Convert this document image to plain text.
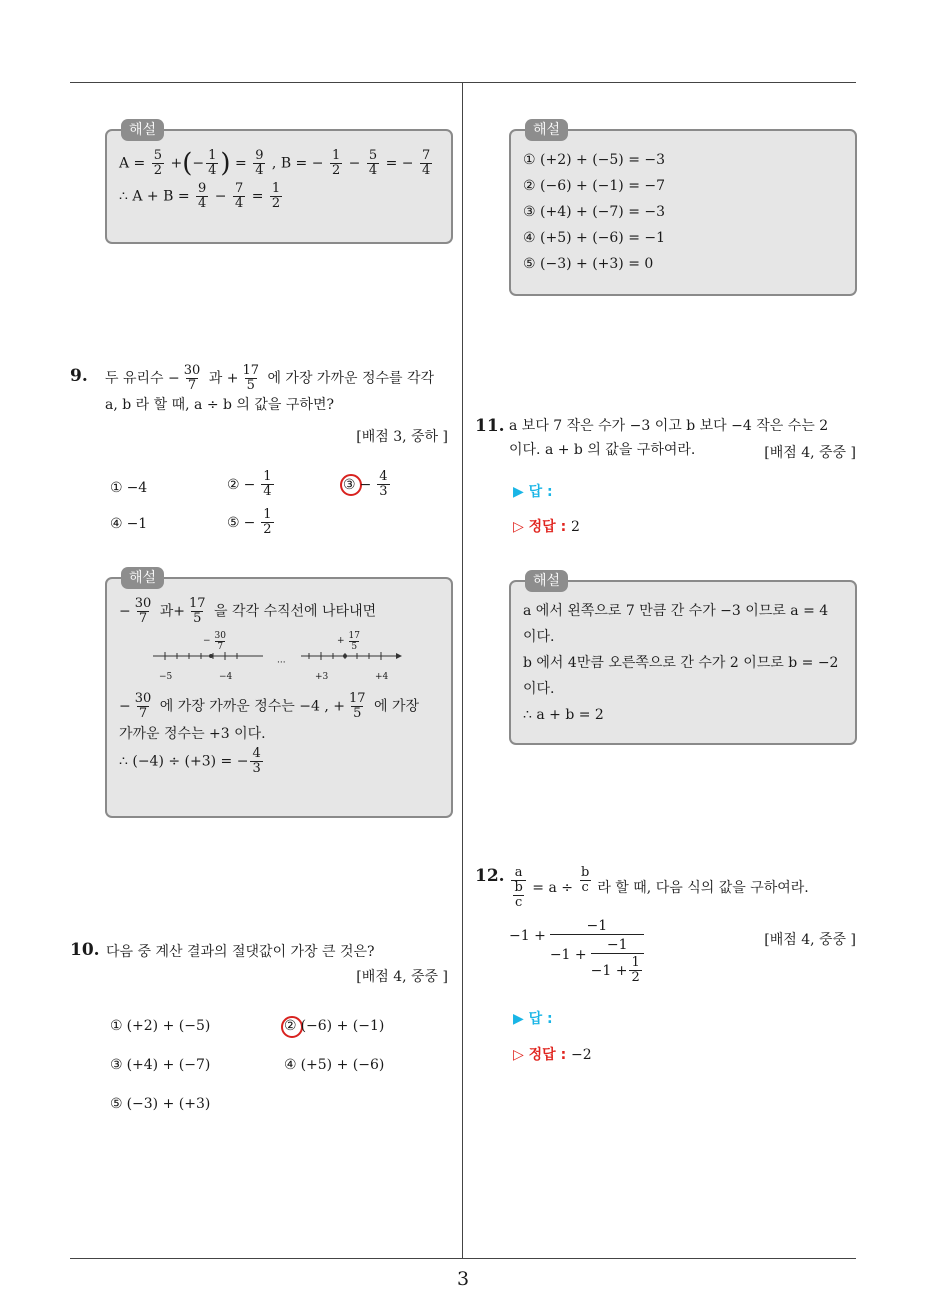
해설
$A = \frac{5}{2}$ +(− $\frac{1}{4}$ ) = $\frac{9}{4}$ , B = − $\frac{1}{2} - \frac{5}{4}$ = − $\frac{7}{4}$
∴ $A + B = \frac{9}{4} - \frac{7}{4} = \frac{1}{2}$
9. 두 유리수 − $\frac{30}{7}$ 과 + $\frac{17}{5}$ 에 가장 가까운 정수를 각각
a, b 라 할 때, a ÷ b 의 값을 구하면?
[배점 3, 중하 ]
① −4	② − $\frac{1}{4}$	③ − $\frac{4}{3}$
④ −1	⑤ − $\frac{1}{2}$
해설
− $\frac{30}{7}$ 과+ $\frac{17}{5}$ 을 각각 수직선에 나타내면
− $\frac{30}{7}$	+ $\frac{17}{5}$
−5	−4
···
+3	+4
− $\frac{30}{7}$ 에 가장 가까운 정수는 −4 , + $\frac{17}{5}$ 에 가장
가까운 정수는 +3 이다.
∴ (−4) ÷ (+3) = − $\frac{4}{3}$
10. 다음 중 계산 결과의 절댓값이 가장 큰 것은?
[배점 4, 중중 ]
① (+2) + (−5)	② (−6) + (−1)
③ (+4) + (−7)	④ (+5) + (−6)
⑤ (−3) + (+3)
해설
① (+2) + (−5) = −3
② (−6) + (−1) = −7
③ (+4) + (−7) = −3
④ (+5) + (−6) = −1
⑤ (−3) + (+3) = 0
11. a 보다 7 작은 수가 −3 이고 b 보다 −4 작은 수는 2
이다. a + b 의 값을 구하여라.	[배점 4, 중중 ]
▶ 답 :
▷ 정답 : 2
해설
a 에서 왼쪽으로 7 만큼 간 수가 −3 이므로 a = 4
이다.
b 에서 4만큼 오른쪽으로 간 수가 2 이므로 b = −2
이다.
∴ a + b = 2
12. a
b
$c = a \div \frac{b}{c}$ 라 할 때, 다음 식의 값을 구하여라.
$-1 + \frac{-1}{-1 + \frac{-1}{-1 + \frac{1}{2}}}$	[배점 4, 중중 ]
▶ 답 :
▷ 정답 : −2
3
